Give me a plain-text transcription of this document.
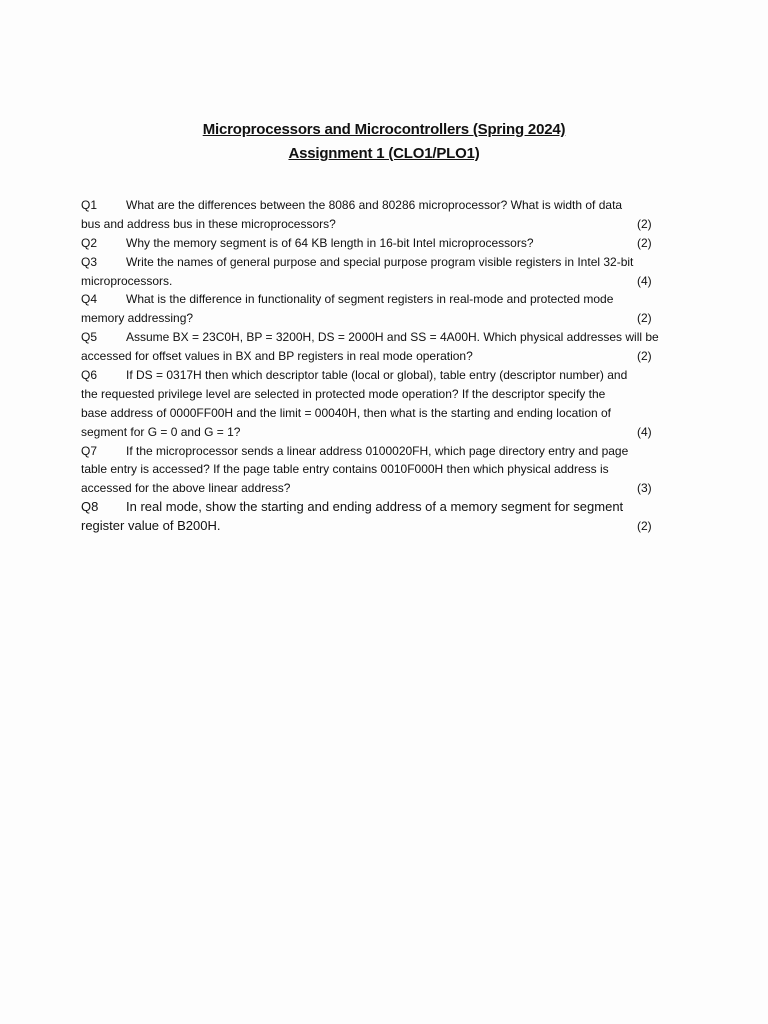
Microprocessors and Microcontrollers (Spring 2024)
Assignment 1 (CLO1/PLO1)
Q1 What are the differences between the 8086 and 80286 microprocessor? What is width of data
bus and address bus in these microprocessors?	(2)
Q2 Why the memory segment is of 64 KB length in 16-bit Intel microprocessors?	(2)
Q3 Write the names of general purpose and special purpose program visible registers in Intel 32-bit
microprocessors.	(4)
Q4 What is the difference in functionality of segment registers in real-mode and protected mode
memory addressing?	(2)
Q5 Assume BX = 23C0H, BP = 3200H, DS = 2000H and SS = 4A00H. Which physical addresses will be
accessed for offset values in BX and BP registers in real mode operation?	(2)
Q6 If DS = 0317H then which descriptor table (local or global), table entry (descriptor number) and
the requested privilege level are selected in protected mode operation? If the descriptor specify the
base address of 0000FF00H and the limit = 00040H, then what is the starting and ending location of
segment for G = 0 and G = 1?	(4)
Q7 If the microprocessor sends a linear address 0100020FH, which page directory entry and page
table entry is accessed? If the page table entry contains 0010F000H then which physical address is
accessed for the above linear address?	(3)
Q8 In real mode, show the starting and ending address of a memory segment for segment
register value of B200H.	(2)
